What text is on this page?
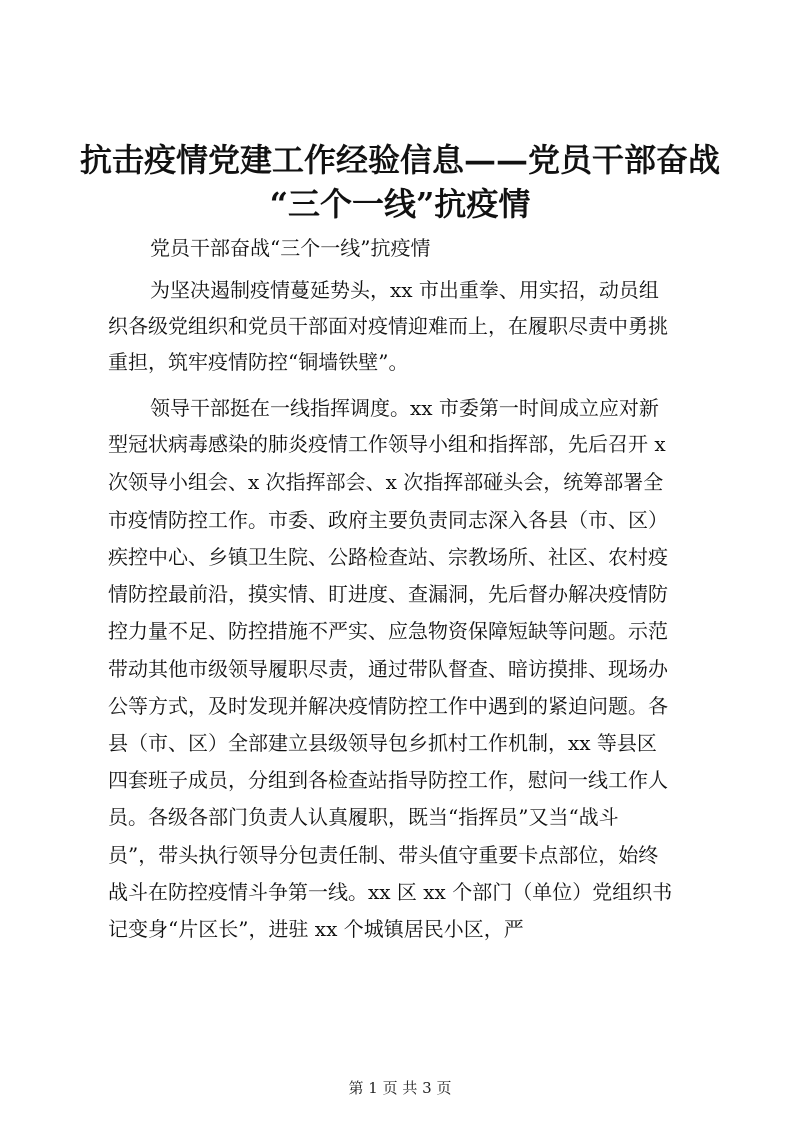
抗击疫情党建工作经验信息——党员干部奋战
“三个一线”抗疫情

党员干部奋战“三个一线”抗疫情

为坚决遏制疫情蔓延势头，xx 市出重拳、用实招，动员组

织各级党组织和党员干部面对疫情迎难而上，在履职尽责中勇挑

重担，筑牢疫情防控“铜墙铁壁”。

领导干部挺在一线指挥调度。xx 市委第一时间成立应对新

型冠状病毒感染的肺炎疫情工作领导小组和指挥部，先后召开 x

次领导小组会、x 次指挥部会、x 次指挥部碰头会，统筹部署全

市疫情防控工作。市委、政府主要负责同志深入各县（市、区）

疾控中心、乡镇卫生院、公路检查站、宗教场所、社区、农村疫

情防控最前沿，摸实情、盯进度、查漏洞，先后督办解决疫情防

控力量不足、防控措施不严实、应急物资保障短缺等问题。示范

带动其他市级领导履职尽责，通过带队督查、暗访摸排、现场办

公等方式，及时发现并解决疫情防控工作中遇到的紧迫问题。各

县（市、区）全部建立县级领导包乡抓村工作机制，xx 等县区

四套班子成员，分组到各检查站指导防控工作，慰问一线工作人

员。各级各部门负责人认真履职，既当“指挥员”又当“战斗

员”，带头执行领导分包责任制、带头值守重要卡点部位，始终

战斗在防控疫情斗争第一线。xx 区 xx 个部门（单位）党组织书

记变身“片区长”，进驻 xx 个城镇居民小区，严

第 1 页 共 3 页
